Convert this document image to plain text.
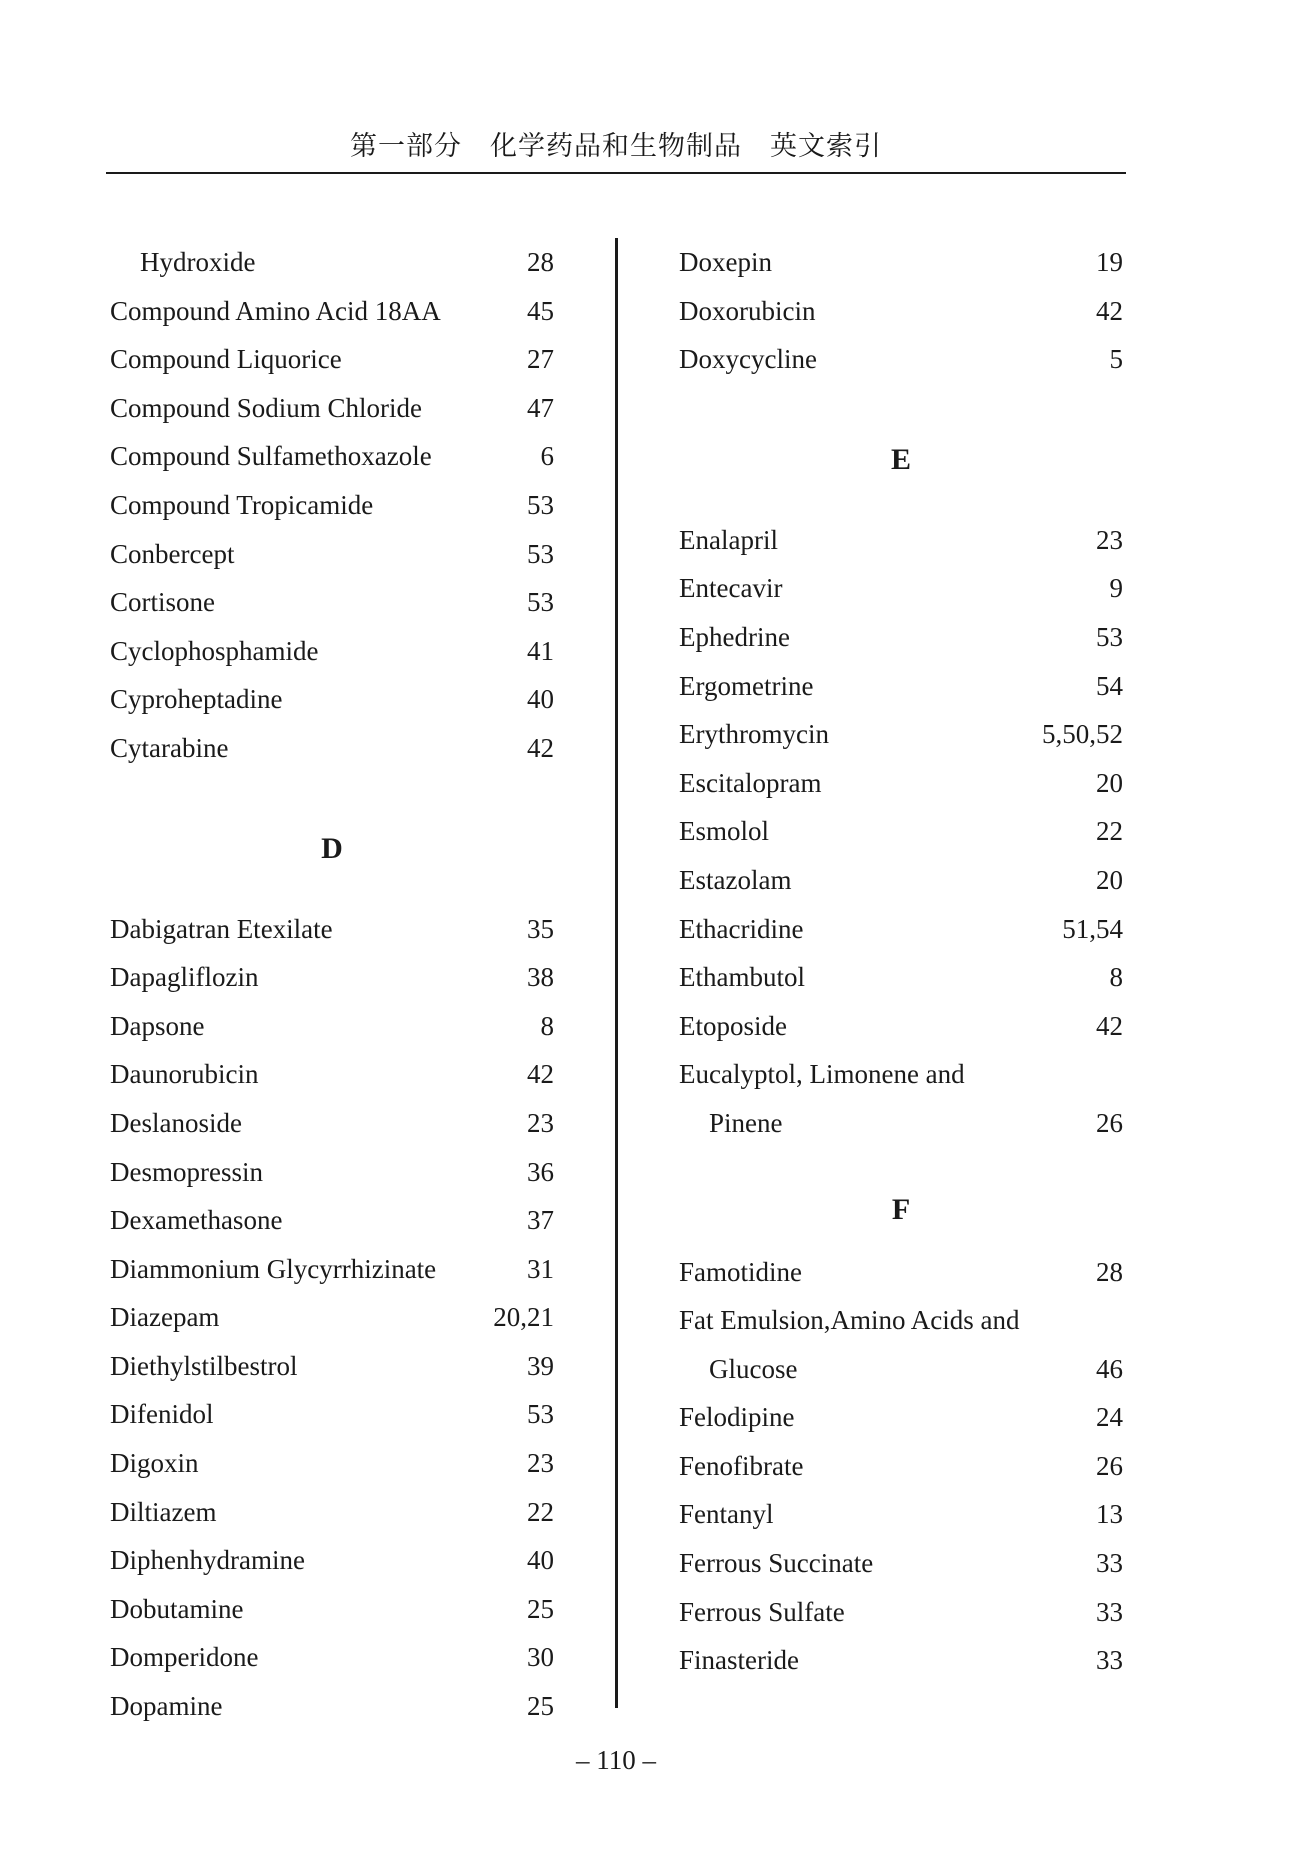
第一部分　化学药品和生物制品　英文索引
Hydroxide	28
Compound Amino Acid 18AA	45
Compound Liquorice	27
Compound Sodium Chloride	47
Compound Sulfamethoxazole	6
Compound Tropicamide	53
Conbercept	53
Cortisone	53
Cyclophosphamide	41
Cyproheptadine	40
Cytarabine	42
D
Dabigatran Etexilate	35
Dapagliflozin	38
Dapsone	8
Daunorubicin	42
Deslanoside	23
Desmopressin	36
Dexamethasone	37
Diammonium Glycyrrhizinate	31
Diazepam	20,21
Diethylstilbestrol	39
Difenidol	53
Digoxin	23
Diltiazem	22
Diphenhydramine	40
Dobutamine	25
Domperidone	30
Dopamine	25
Doxepin	19
Doxorubicin	42
Doxycycline	5
E
Enalapril	23
Entecavir	9
Ephedrine	53
Ergometrine	54
Erythromycin	5,50,52
Escitalopram	20
Esmolol	22
Estazolam	20
Ethacridine	51,54
Ethambutol	8
Etoposide	42
Eucalyptol, Limonene and
Pinene	26
F
Famotidine	28
Fat Emulsion,Amino Acids and
Glucose	46
Felodipine	24
Fenofibrate	26
Fentanyl	13
Ferrous Succinate	33
Ferrous Sulfate	33
Finasteride	33
– 110 –
